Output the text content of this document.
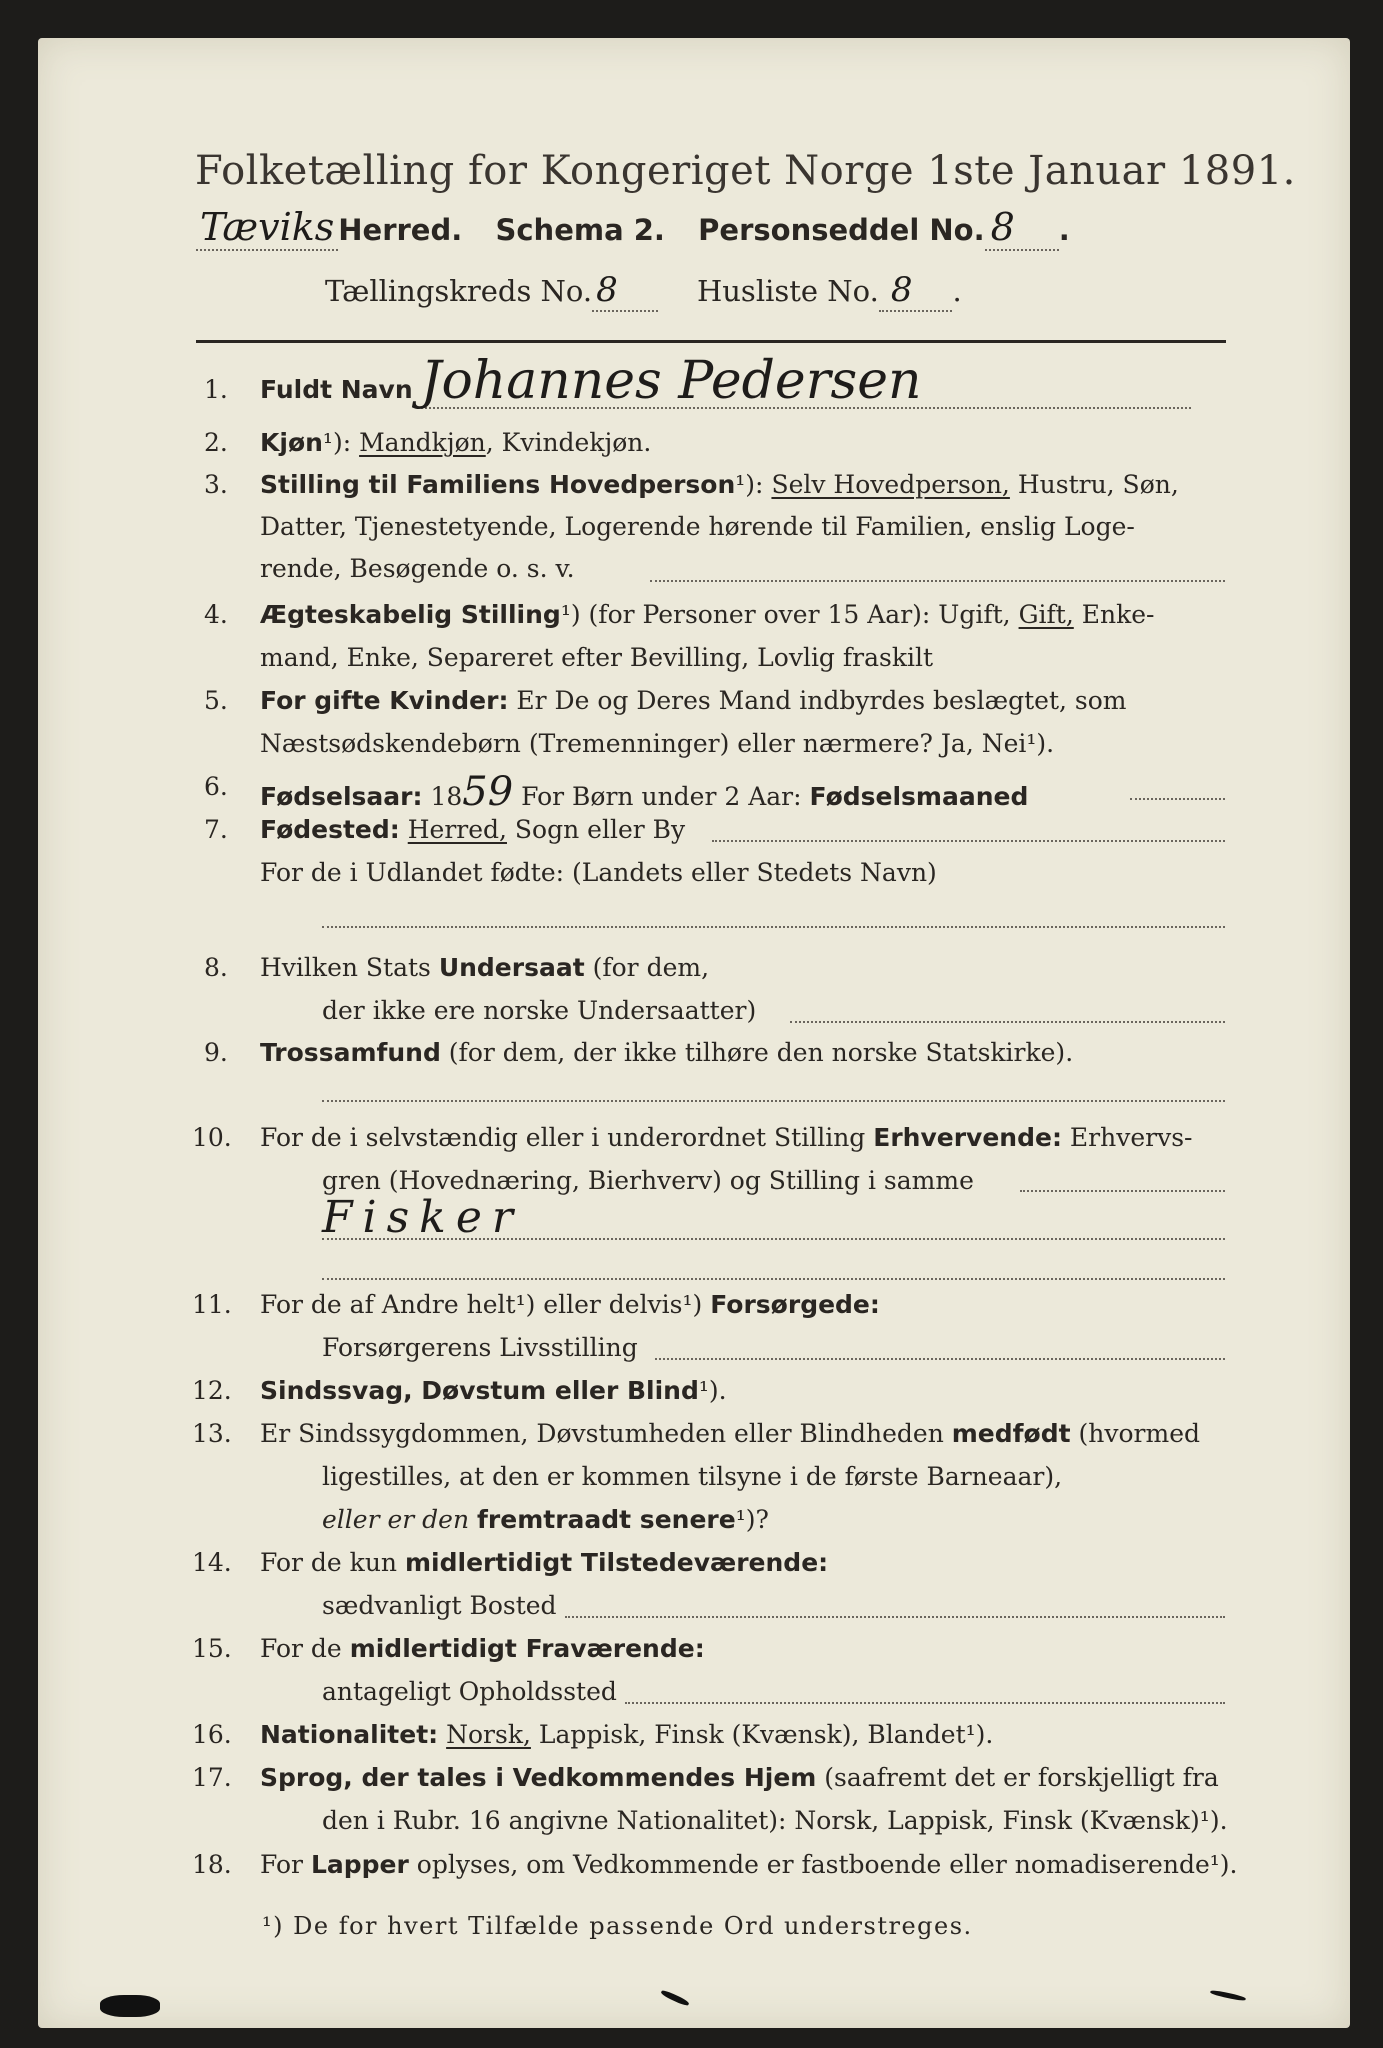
Folketælling for Kongeriget Norge 1ste Januar 1891.
Tæviks Herred. Schema 2. Personseddel No. 8 .
Tællingskreds No. 8	Husliste No. 8 .
1. Fuldt Navn Johannes Pedersen
2. Kjøn¹): Mandkjøn, Kvindekjøn.
3. Stilling til Familiens Hovedperson¹): Selv Hovedperson, Hustru, Søn,
Datter, Tjenestetyende, Logerende hørende til Familien, enslig Loge-
rende, Besøgende o. s. v.
4. Ægteskabelig Stilling¹) (for Personer over 15 Aar): Ugift, Gift, Enke-
mand, Enke, Separeret efter Bevilling, Lovlig fraskilt
5. For gifte Kvinder: Er De og Deres Mand indbyrdes beslægtet, som
Næstsødskendebørn (Tremenninger) eller nærmere? Ja, Nei¹).
6. Fødselsaar: 1859 For Børn under 2 Aar: Fødselsmaaned
7. Fødested: Herred, Sogn eller By
For de i Udlandet fødte: (Landets eller Stedets Navn)
8. Hvilken Stats Undersaat (for dem,
der ikke ere norske Undersaatter)
9. Trossamfund (for dem, der ikke tilhøre den norske Statskirke).
10. For de i selvstændig eller i underordnet Stilling Erhvervende: Erhvervs-
gren (Hovednæring, Bierhverv) og Stilling i samme
Fisker
11. For de af Andre helt¹) eller delvis¹) Forsørgede:
Forsørgerens Livsstilling
12. Sindssvag, Døvstum eller Blind¹).
13. Er Sindssygdommen, Døvstumheden eller Blindheden medfødt (hvormed
ligestilles, at den er kommen tilsyne i de første Barneaar),
eller er den fremtraadt senere¹)?
14. For de kun midlertidigt Tilstedeværende:
sædvanligt Bosted
15. For de midlertidigt Fraværende:
antageligt Opholdssted
16. Nationalitet: Norsk, Lappisk, Finsk (Kvænsk), Blandet¹).
17. Sprog, der tales i Vedkommendes Hjem (saafremt det er forskjelligt fra
den i Rubr. 16 angivne Nationalitet): Norsk, Lappisk, Finsk (Kvænsk)¹).
18. For Lapper oplyses, om Vedkommende er fastboende eller nomadiserende¹).
¹) De for hvert Tilfælde passende Ord understreges.
